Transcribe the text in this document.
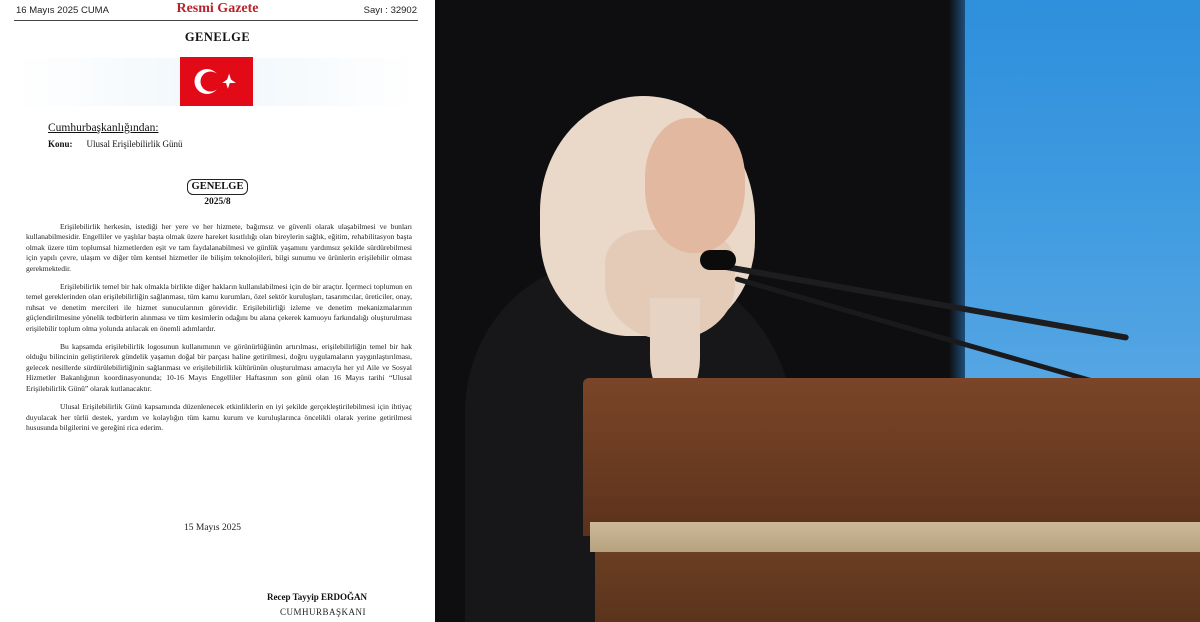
16 Mayıs 2025 CUMA	Resmi Gazete	Sayı : 32902
GENELGE
Cumhurbaşkanlığından:
Konu: Ulusal Erişilebilirlik Günü
GENELGE
2025/8

Erişilebilirlik herkesin, istediği her yere ve her hizmete, bağımsız ve güvenli olarak ulaşabilmesi ve bunları kullanabilmesidir. Engelliler ve yaşlılar başta olmak üzere hareket kısıtlılığı olan bireylerin sağlık, eğitim, rehabilitasyon başta olmak üzere tüm toplumsal hizmetlerden eşit ve tam faydalanabilmesi ve günlük yaşamını yardımsız şekilde sürdürebilmesi için yapılı çevre, ulaşım ve diğer tüm kentsel hizmetler ile bilişim teknolojileri, bilgi sunumu ve ürünlerin erişilebilir olması gerekmektedir.

Erişilebilirlik temel bir hak olmakla birlikte diğer hakların kullanılabilmesi için de bir araçtır. İçermeci toplumun en temel gereklerinden olan erişilebilirliğin sağlanması, tüm kamu kurumları, özel sektör kuruluşları, tasarımcılar, üreticiler, onay, ruhsat ve denetim mercileri ile hizmet sunucularının görevidir. Erişilebilirliği izleme ve denetim mekanizmalarının güçlendirilmesine yönelik tedbirlerin alınması ve tüm kesimlerin odağını bu alana çekerek kamuoyu farkındalığı oluşturulması erişilebilir toplum olma yolunda atılacak en önemli adımlardır.

Bu kapsamda erişilebilirlik logosunun kullanımının ve görünürlüğünün artırılması, erişilebilirliğin temel bir hak olduğu bilincinin geliştirilerek gündelik yaşamın doğal bir parçası haline getirilmesi, doğru uygulamaların yaygınlaştırılması, gelecek nesillerde sürdürülebilirliğinin sağlanması ve erişilebilirlik kültürünün oluşturulması amacıyla her yıl Aile ve Sosyal Hizmetler Bakanlığının koordinasyonunda; 10-16 Mayıs Engelliler Haftasının son günü olan 16 Mayıs tarihi “Ulusal Erişilebilirlik Günü” olarak kutlanacaktır.

Ulusal Erişilebilirlik Günü kapsamında düzenlenecek etkinliklerin en iyi şekilde gerçekleştirilebilmesi için ihtiyaç duyulacak her türlü destek, yardım ve kolaylığın tüm kamu kurum ve kuruluşlarınca öncelikli olarak yerine getirilmesi hususunda bilgilerini ve gereğini rica ederim.

15 Mayıs 2025
Recep Tayyip ERDOĞAN
CUMHURBAŞKANI
